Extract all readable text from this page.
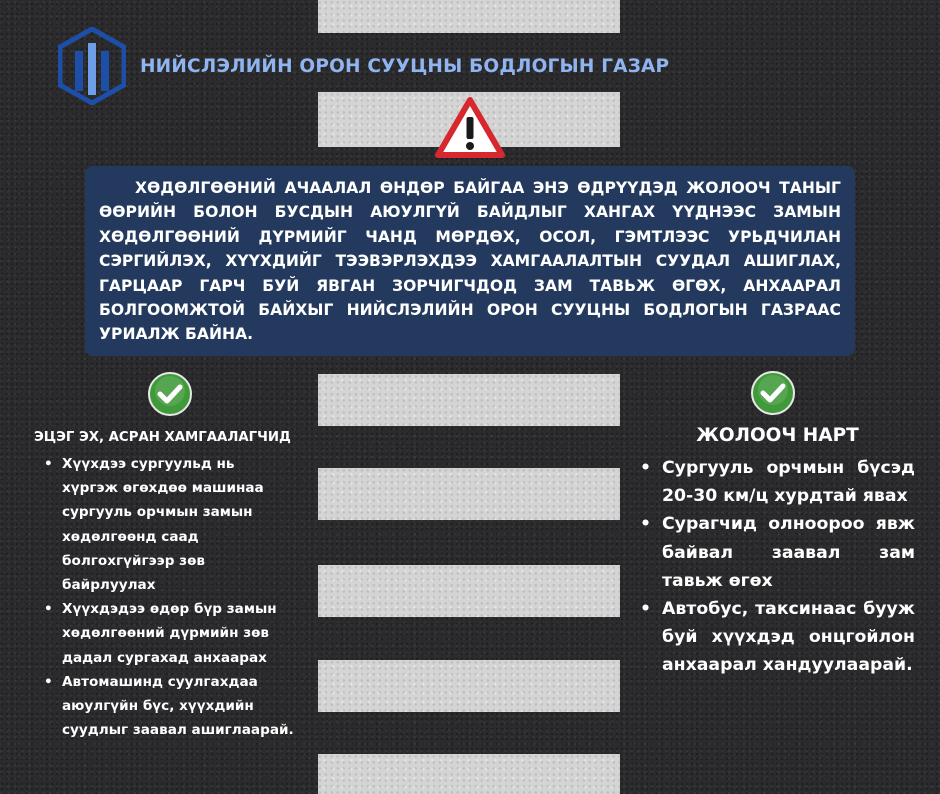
НИЙСЛЭЛИЙН ОРОН СУУЦНЫ БОДЛОГЫН ГАЗАР

ХӨДӨЛГӨӨНИЙ АЧААЛАЛ ӨНДӨР БАЙГАА ЭНЭ ӨДРҮҮДЭД ЖОЛООЧ ТАНЫГ ӨӨРИЙН БОЛОН БУСДЫН АЮУЛГҮЙ БАЙДЛЫГ ХАНГАХ ҮҮДНЭЭС ЗАМЫН ХӨДӨЛГӨӨНИЙ ДҮРМИЙГ ЧАНД МӨРДӨХ, ОСОЛ, ГЭМТЛЭЭС УРЬДЧИЛАН СЭРГИЙЛЭХ, ХҮҮХДИЙГ ТЭЭВЭРЛЭХДЭЭ ХАМГААЛАЛТЫН СУУДАЛ АШИГЛАХ, ГАРЦААР ГАРЧ БУЙ ЯВГАН ЗОРЧИГЧДОД ЗАМ ТАВЬЖ ӨГӨХ, АНХААРАЛ БОЛГООМЖТОЙ БАЙХЫГ НИЙСЛЭЛИЙН ОРОН СУУЦНЫ БОДЛОГЫН ГАЗРААС УРИАЛЖ БАЙНА.

ЭЦЭГ ЭХ, АСРАН ХАМГААЛАГЧИД
• Хүүхдээ сургуульд нь хүргэж өгөхдөө машинаа сургууль орчмын замын хөдөлгөөнд саад болгохгүйгээр зөв байрлуулах
• Хүүхдэдээ өдөр бүр замын хөдөлгөөний дүрмийн зөв дадал сургахад анхаарах
• Автомашинд суулгахдаа аюулгүйн бүс, хүүхдийн суудлыг заавал ашиглаарай.
ЖОЛООЧ НАРТ
• Сургууль орчмын бүсэд 20-30 км/ц хурдтай явах
• Сурагчид олноороо явж байвал заавал зам тавьж өгөх
• Автобус, таксинаас бууж буй хүүхдэд онцгойлон анхаарал хандуулаарай.
